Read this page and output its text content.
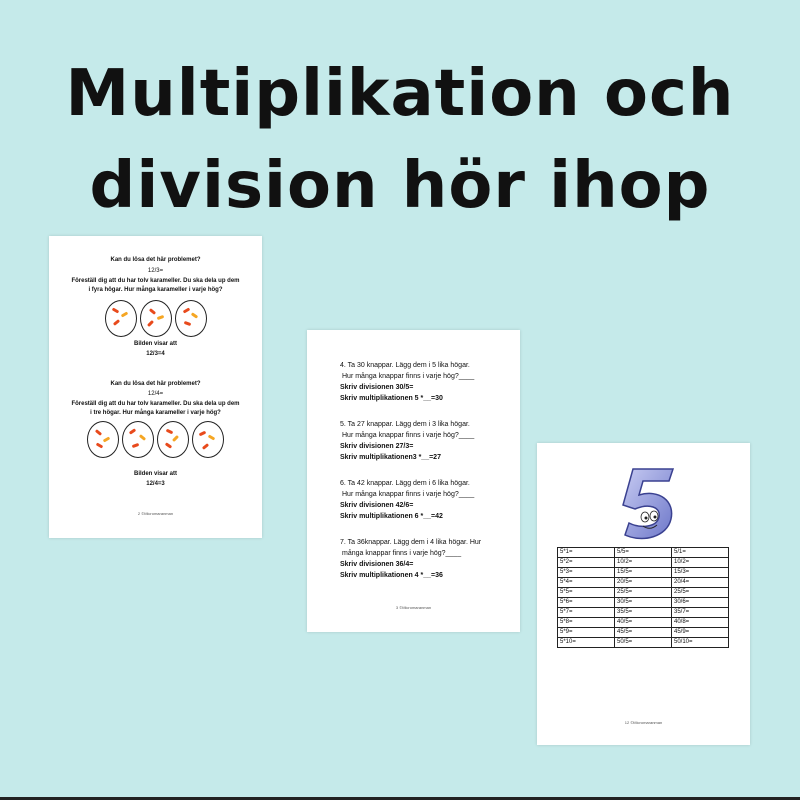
Multiplikation och
division hör ihop
Kan du lösa det här problemet?
12/3=
Föreställ dig att du har tolv karameller. Du ska dela up dem
i fyra högar. Hur många karameller i varje hög?
Bilden visar att
12/3=4
Kan du lösa det här problemet?
12/4=
Föreställ dig att du har tolv karameller. Du ska dela up dem
i tre högar. Hur många karameller i varje hög?
Bilden visar att
12/4=3
2 ©Micromaranman
4. Ta 30 knappar. Lägg dem i 5 lika högar.
Hur många knappar finns i varje hög?____
Skriv divisionen 30/5=
Skriv multiplikationen 5 *__=30
5. Ta 27 knappar. Lägg dem i 3 lika högar.
Hur många knappar finns i varje hög?____
Skriv divisionen 27/3=
Skriv multiplikationen3 *__=27
6. Ta 42 knappar. Lägg dem i 6 lika högar.
Hur många knappar finns i varje hög?____
Skriv divisionen 42/6=
Skriv multiplikationen 6 *__=42
7. Ta 36knappar. Lägg dem i 4 lika högar. Hur
många knappar finns i varje hög?____
Skriv divisionen 36/4=
Skriv multiplikationen 4 *__=36
3 ©Micromaranman
5*1=	5/5=	5/1=
5*2=	10/2=	10/2=
5*3=	15/5=	15/3=
5*4=	20/5=	20/4=
5*5=	25/5=	25/5=
5*6=	30/5=	30/6=
5*7=	35/5=	35/7=
5*8=	40/5=	40/8=
5*9=	45/5=	45/9=
5*10=	50/5=	50/10=
12 ©Micromaranman
